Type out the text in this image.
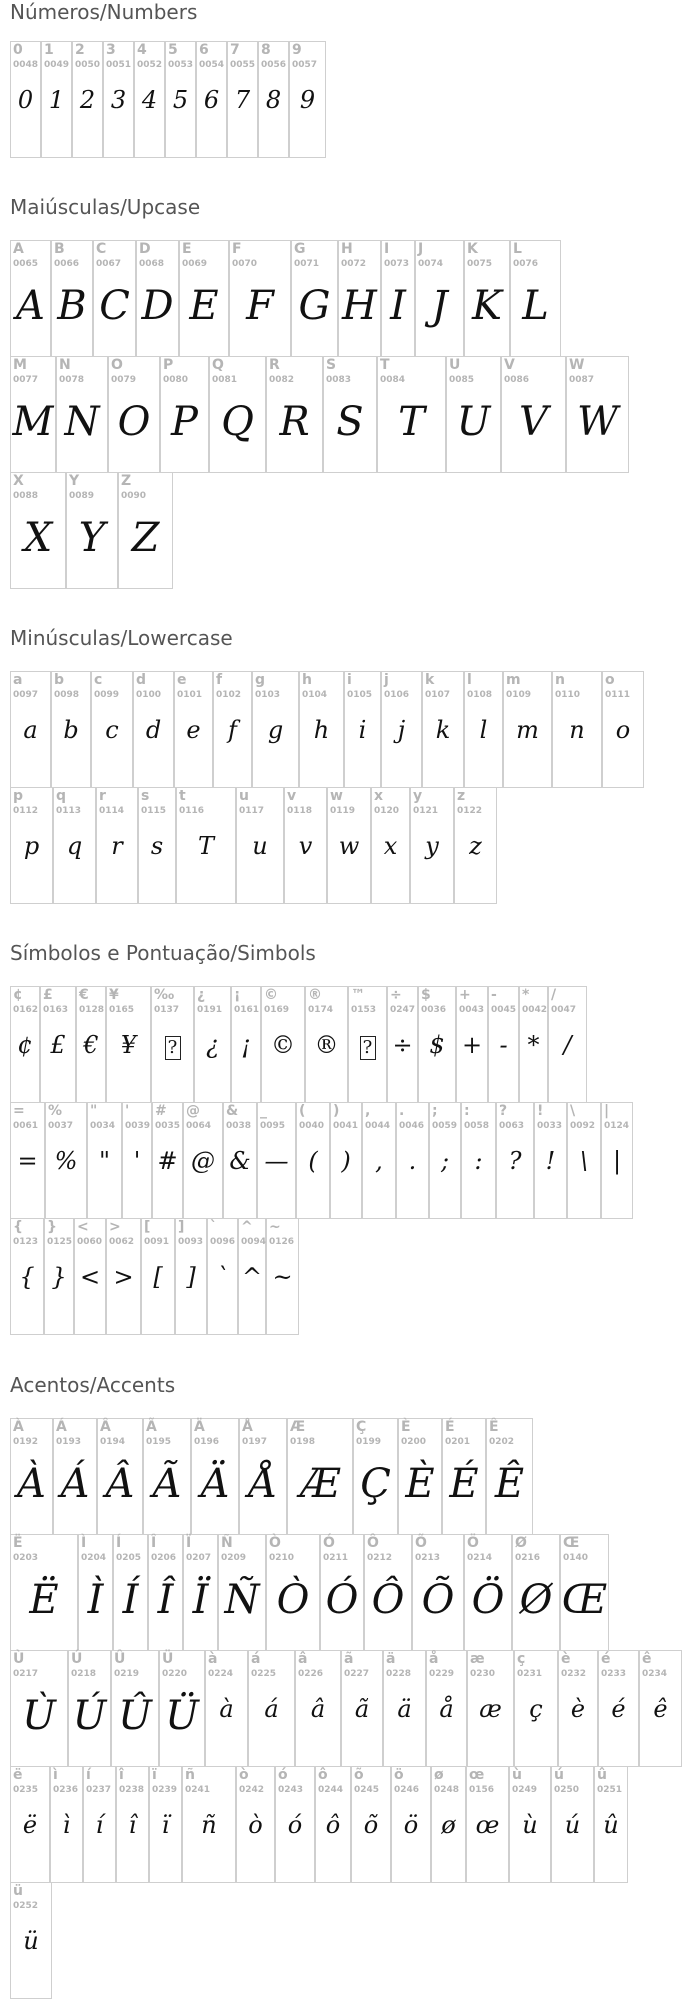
Números/Numbers
0
0048
0
1
0049
1
2
0050
2
3
0051
3
4
0052
4
5
0053
5
6
0054
6
7
0055
7
8
0056
8
9
0057
9
Maiúsculas/Upcase
A
0065
A
B
0066
B
C
0067
C
D
0068
D
E
0069
E
F
0070
F
G
0071
G
H
0072
H
I
0073
I
J
0074
J
K
0075
K
L
0076
L
M
0077
M
N
0078
N
O
0079
O
P
0080
P
Q
0081
Q
R
0082
R
S
0083
S
T
0084
T
U
0085
U
V
0086
V
W
0087
W
X
0088
X
Y
0089
Y
Z
0090
Z
Minúsculas/Lowercase
a
0097
a
b
0098
b
c
0099
c
d
0100
d
e
0101
e
f
0102
f
g
0103
g
h
0104
h
i
0105
i
j
0106
j
k
0107
k
l
0108
l
m
0109
m
n
0110
n
o
0111
o
p
0112
p
q
0113
q
r
0114
r
s
0115
s
t
0116
T
u
0117
u
v
0118
v
w
0119
w
x
0120
x
y
0121
y
z
0122
z
Símbolos e Pontuação/Simbols
¢
0162
¢
£
0163
£
€
0128
€
¥
0165
¥
‰
0137
?
¿
0191
¿
¡
0161
¡
©
0169
©
®
0174
®
™
0153
?
÷
0247
÷
$
0036
$
+
0043
+
-
0045
-
*
0042
*
/
0047
/
=
0061
=
%
0037
%
"
0034
"
'
0039
'
#
0035
#
@
0064
@
&
0038
&
_
0095
—
(
0040
(
)
0041
)
,
0044
,
.
0046
.
;
0059
;
:
0058
:
?
0063
?
!
0033
!
\
0092
\
|
0124
|
{
0123
{
}
0125
}
<
0060
<
>
0062
>
[
0091
[
]
0093
]
`
0096
`
^
0094
^
~
0126
~
Acentos/Accents
À
0192
À
Á
0193
Á
Â
0194
Â
Ã
0195
Ã
Ä
0196
Ä
Å
0197
Å
Æ
0198
Æ
Ç
0199
Ç
È
0200
È
É
0201
É
Ê
0202
Ê
Ë
0203
Ë
Ì
0204
Ì
Í
0205
Í
Î
0206
Î
Ï
0207
Ï
Ñ
0209
Ñ
Ò
0210
Ò
Ó
0211
Ó
Ô
0212
Ô
Õ
0213
Õ
Ö
0214
Ö
Ø
0216
Ø
Œ
0140
Œ
Ù
0217
Ù
Ú
0218
Ú
Û
0219
Û
Ü
0220
Ü
à
0224
à
á
0225
á
â
0226
â
ã
0227
ã
ä
0228
ä
å
0229
å
æ
0230
æ
ç
0231
ç
è
0232
è
é
0233
é
ê
0234
ê
ë
0235
ë
ì
0236
ì
í
0237
í
î
0238
î
ï
0239
ï
ñ
0241
ñ
ò
0242
ò
ó
0243
ó
ô
0244
ô
õ
0245
õ
ö
0246
ö
ø
0248
ø
œ
0156
œ
ù
0249
ù
ú
0250
ú
û
0251
û
ü
0252
ü
